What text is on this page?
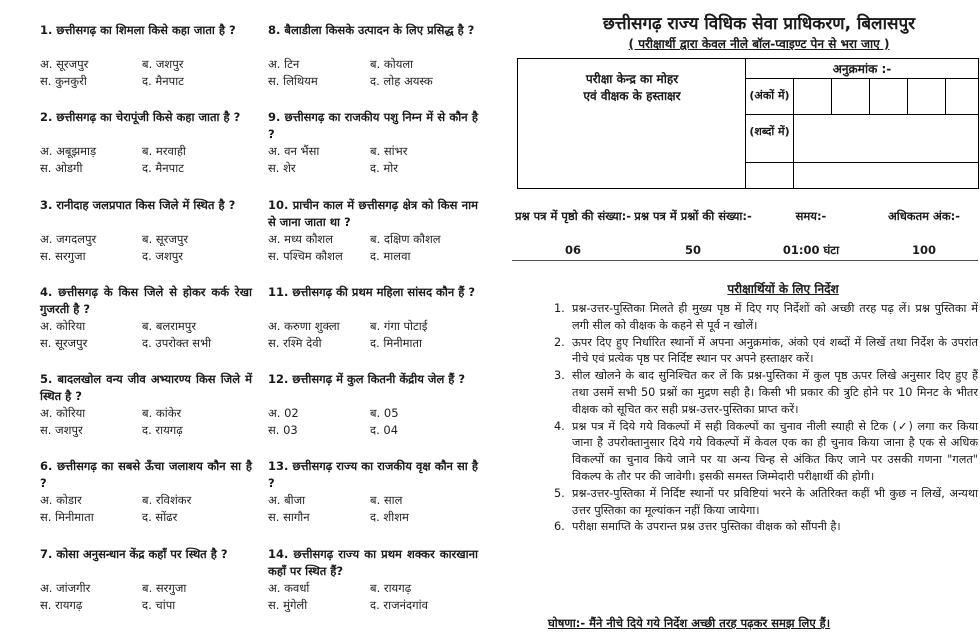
1. छत्तीसगढ़ का शिमला किसे कहा जाता है ?
अ. सूरजपुर	ब. जशपुर
स. कुनकुरी	द. मैनपाट
2. छत्तीसगढ़ का चेरापूंजी किसे कहा जाता है ?
अ. अबूझमाड़	ब. मरवाही
स. ओडगी	द. मैनपाट
3. रानीदाह जलप्रपात किस जिले में स्थित है ?
अ. जगदलपुर	ब. सूरजपुर
स. सरगुजा	द. जशपुर
4. छत्तीसगढ़ के किस जिले से होकर कर्क रेखा गुजरती है ?
अ. कोरिया	ब. बलरामपुर
स. सूरजपुर	द. उपरोक्त सभी
5. बादलखोल वन्य जीव अभ्यारण्य किस जिले में स्थित है ?
अ. कोरिया	ब. कांकेर
स. जशपुर	द. रायगढ़
6. छत्तीसगढ़ का सबसे ऊँचा जलाशय कौन सा है ?
अ. कोडार	ब. रविशंकर
स. मिनीमाता	द. सोंढर
7. कोसा अनुसन्धान केंद्र कहाँ पर स्थित है ?
अ. जांजगीर	ब. सरगुजा
स. रायगढ़	द. चांपा
8. बैलाडीला किसके उत्पादन के लिए प्रसिद्ध है ?
अ. टिन	ब. कोयला
स. लिथियम	द. लोह अयस्क
9. छत्तीसगढ़ का राजकीय पशु निम्न में से कौन है ?
अ. वन भैंसा	ब. सांभर
स. शेर	द. मोर
10. प्राचीन काल में छत्तीसगढ़ क्षेत्र को किस नाम से जाना जाता था ?
अ. मध्य कौशल	ब. दक्षिण कौशल
स. पश्चिम कौशल	द. मालवा
11. छत्तीसगढ़ की प्रथम महिला सांसद कौन हैं ?
अ. करुणा शुक्ला	ब. गंगा पोटाई
स. रश्मि देवी	द. मिनीमाता
12. छत्तीसगढ़ में कुल कितनी केंद्रीय जेल हैं ?
अ. 02	ब. 05
स. 03	द. 04
13. छत्तीसगढ़ राज्य का राजकीय वृक्ष कौन सा है ?
अ. बीजा	ब. साल
स. सागौन	द. शीशम
14. छत्तीसगढ़ राज्य का प्रथम शक्कर कारखाना कहाँ पर स्थित हैं?
अ. कवर्धा	ब. रायगढ़
स. मुंगेली	द. राजनंदगांव
छत्तीसगढ़ राज्य विधिक सेवा प्राधिकरण, बिलासपुर
( परीक्षार्थी द्वारा केवल नीले बॉल-प्वाइण्ट पेन से भरा जाए )
परीक्षा केन्द्र का मोहर
एवं वीक्षक के हस्ताक्षर
अनुक्रमांक :-
(अंकों में)
(शब्दों में)
प्रश्न पत्र में पृष्ठो की संख्या:-
06
प्रश्न पत्र में प्रश्नों की संख्या:-
50
समय:-
01:00 घंटा
अधिकतम अंक:-
100
परीक्षार्थियों के लिए निर्देश
1. प्रश्न-उत्तर-पुस्तिका मिलते ही मुख्य पृष्ठ में दिए गए निर्देशों को अच्छी तरह पढ़ लें। प्रश्न पुस्तिका में लगी सील को वीक्षक के कहने से पूर्व न खोलें।
2. ऊपर दिए हुए निर्धारित स्थानों में अपना अनुक्रमांक, अंको एवं शब्दों में लिखें तथा निर्देश के उपरांत नीचे एवं प्रत्येक पृष्ठ पर निर्दिष्ट स्थान पर अपने हस्ताक्षर करें।
3. सील खोलने के बाद सुनिश्चित कर लें कि प्रश्न-पुस्तिका में कुल पृष्ठ ऊपर लिखे अनुसार दिए हुए हैं तथा उसमें सभी 50 प्रश्नों का मुद्रण सही है। किसी भी प्रकार की त्रुटि होने पर 10 मिनट के भीतर वीक्षक को सूचित कर सही प्रश्न-उत्तर-पुस्तिका प्राप्त करें।
4. प्रश्न पत्र में दिये गये विकल्पों में सही विकल्पों का चुनाव नीली स्याही से टिक (✓) लगा कर किया जाना है उपरोक्तानुसार दिये गये विकल्पों में केवल एक का ही चुनाव किया जाना है एक से अधिक विकल्पों का चुनाव किये जाने पर या अन्य चिन्ह से अंकित किए जाने पर उसकी गणना "गलत" विकल्प के तौर पर की जावेगी। इसकी समस्त जिम्मेदारी परीक्षार्थी की होगी।
5. प्रश्न-उत्तर-पुस्तिका में निर्दिष्ट स्थानों पर प्रविष्टियां भरने के अतिरिक्त कहीं भी कुछ न लिखें, अन्यथा उत्तर पुस्तिका का मूल्यांकन नहीं किया जायेगा।
6. परीक्षा समाप्ति के उपरान्त प्रश्न उत्तर पुस्तिका वीक्षक को सौंपनी है।
घोषणा:- मैंने नीचे दिये गये निर्देश अच्छी तरह पढ़कर समझ लिए हैं।
